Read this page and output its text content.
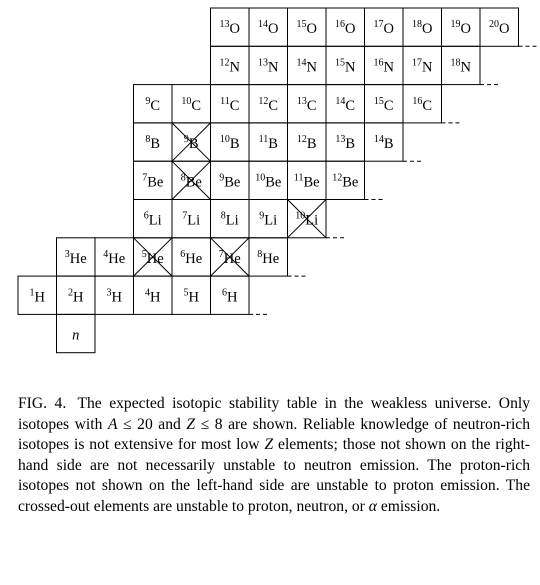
$^{13}$O $^{14}$O $^{15}$O $^{16}$O $^{17}$O $^{18}$O $^{19}$O $^{20}$O
$^{12}$N $^{13}$N $^{14}$N $^{15}$N $^{16}$N $^{17}$N $^{18}$N
$^9$C $^{10}$C $^{11}$C $^{12}$C $^{13}$C $^{14}$C $^{15}$C $^{16}$C
$^8$B $^9$B $^{10}$B $^{11}$B $^{12}$B $^{13}$B $^{14}$B
$^7$Be $^8$Be $^9$Be $^{10}$Be $^{11}$Be $^{12}$Be
$^6$Li $^7$Li $^8$Li $^9$Li $^{10}$Li
$^3$He $^4$He $^5$He $^6$He $^7$He $^8$He
$^1$H $^2$H $^3$H $^4$H $^5$H $^6$H
n
FIG. 4. The expected isotopic stability table in the weakless universe. Only isotopes with A ≤ 20 and Z ≤ 8 are shown. Reliable knowledge of neutron-rich isotopes is not extensive for most low Z elements; those not shown on the right-hand side are not necessarily unstable to neutron emission. The proton-rich isotopes not shown on the left-hand side are unstable to proton emission. The crossed-out elements are unstable to proton, neutron, or α emission.
